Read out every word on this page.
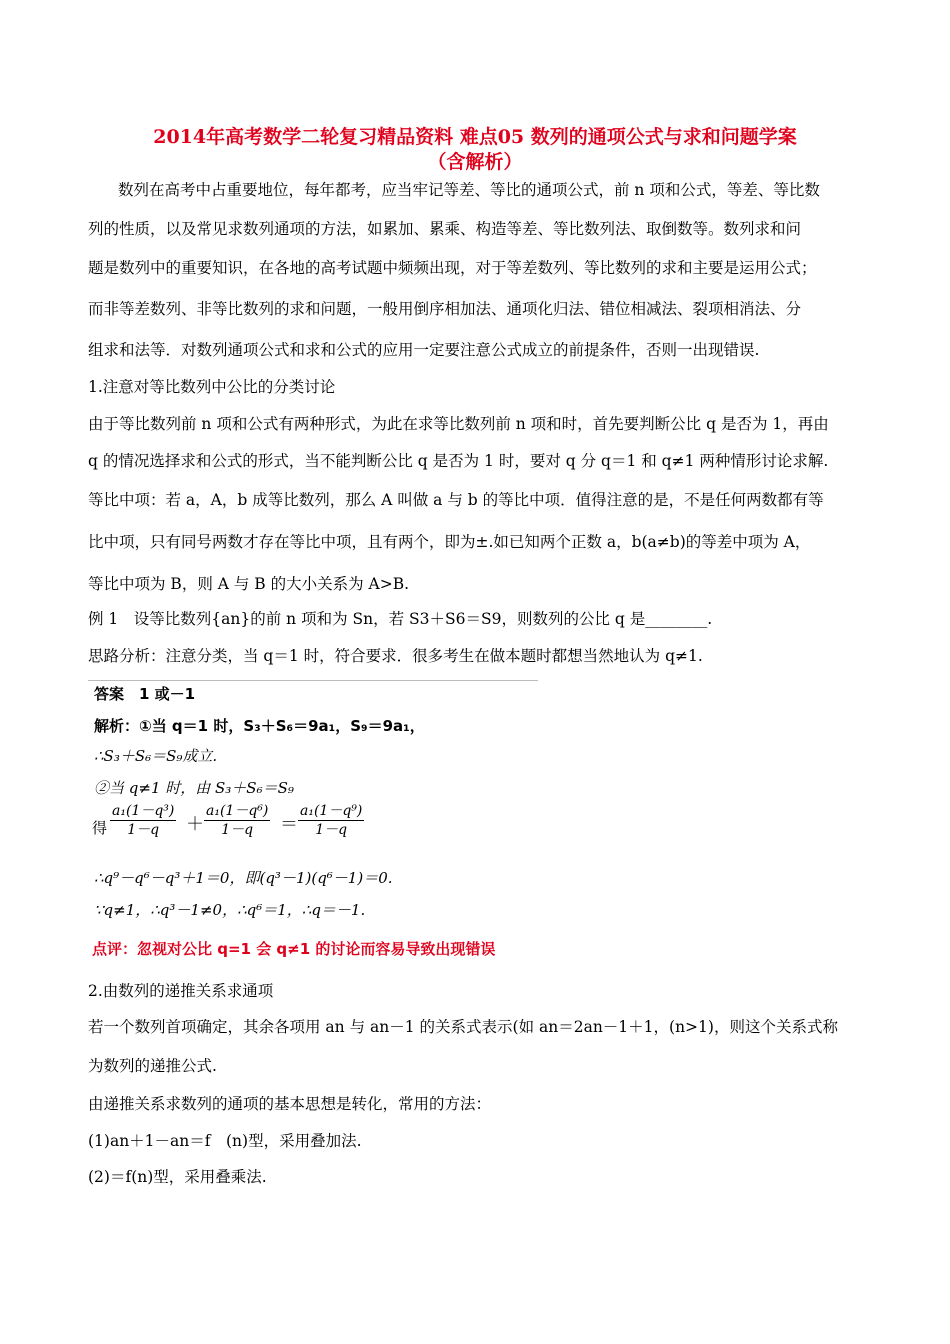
2014年高考数学二轮复习精品资料 难点05 数列的通项公式与求和问题学案
（含解析）
数列在高考中占重要地位，每年都考，应当牢记等差、等比的通项公式，前 n 项和公式，等差、等比数
列的性质，以及常见求数列通项的方法，如累加、累乘、构造等差、等比数列法、取倒数等。数列求和问
题是数列中的重要知识，在各地的高考试题中频频出现，对于等差数列、等比数列的求和主要是运用公式；
而非等差数列、非等比数列的求和问题，一般用倒序相加法、通项化归法、错位相减法、裂项相消法、分
组求和法等．对数列通项公式和求和公式的应用一定要注意公式成立的前提条件，否则一出现错误.
1.注意对等比数列中公比的分类讨论
由于等比数列前 n 项和公式有两种形式，为此在求等比数列前 n 项和时，首先要判断公比 q 是否为 1，再由
q 的情况选择求和公式的形式，当不能判断公比 q 是否为 1 时，要对 q 分 q＝1 和 q≠1 两种情形讨论求解.
等比中项：若 a，A，b 成等比数列，那么 A 叫做 a 与 b 的等比中项．值得注意的是，不是任何两数都有等
比中项，只有同号两数才存在等比中项，且有两个，即为±.如已知两个正数 a，b(a≠b)的等差中项为 A，
等比中项为 B，则 A 与 B 的大小关系为 A>B.
例 1　设等比数列{an}的前 n 项和为 Sn，若 S3＋S6＝S9，则数列的公比 q 是________.
思路分析：注意分类，当 q＝1 时，符合要求．很多考生在做本题时都想当然地认为 q≠1.
答案　1 或－1
解析：①当 q＝1 时，S₃＋S₆＝9a₁，S₉＝9a₁，
∴S₃＋S₆＝S₉成立.
②当 q≠1 时，由 S₃＋S₆＝S₉
得 $\frac{\text{a₁(1－q³)}}{1-q} + \frac{\text{a₁(1－q⁶)}}{1-q} = \frac{\text{a₁(1－q⁹)}}{1-q}$
∴q⁹－q⁶－q³＋1＝0，即(q³－1)(q⁶－1)＝0.
∵q≠1，∴q³－1≠0，∴q⁶＝1，∴q＝－1.
点评：忽视对公比 q=1 会 q≠1 的讨论而容易导致出现错误
2.由数列的递推关系求通项
若一个数列首项确定，其余各项用 an 与 an－1 的关系式表示(如 an＝2an－1＋1，(n>1)，则这个关系式称
为数列的递推公式.
由递推关系求数列的通项的基本思想是转化，常用的方法：
(1)an＋1－an＝f　(n)型，采用叠加法.
(2)＝f(n)型，采用叠乘法.
